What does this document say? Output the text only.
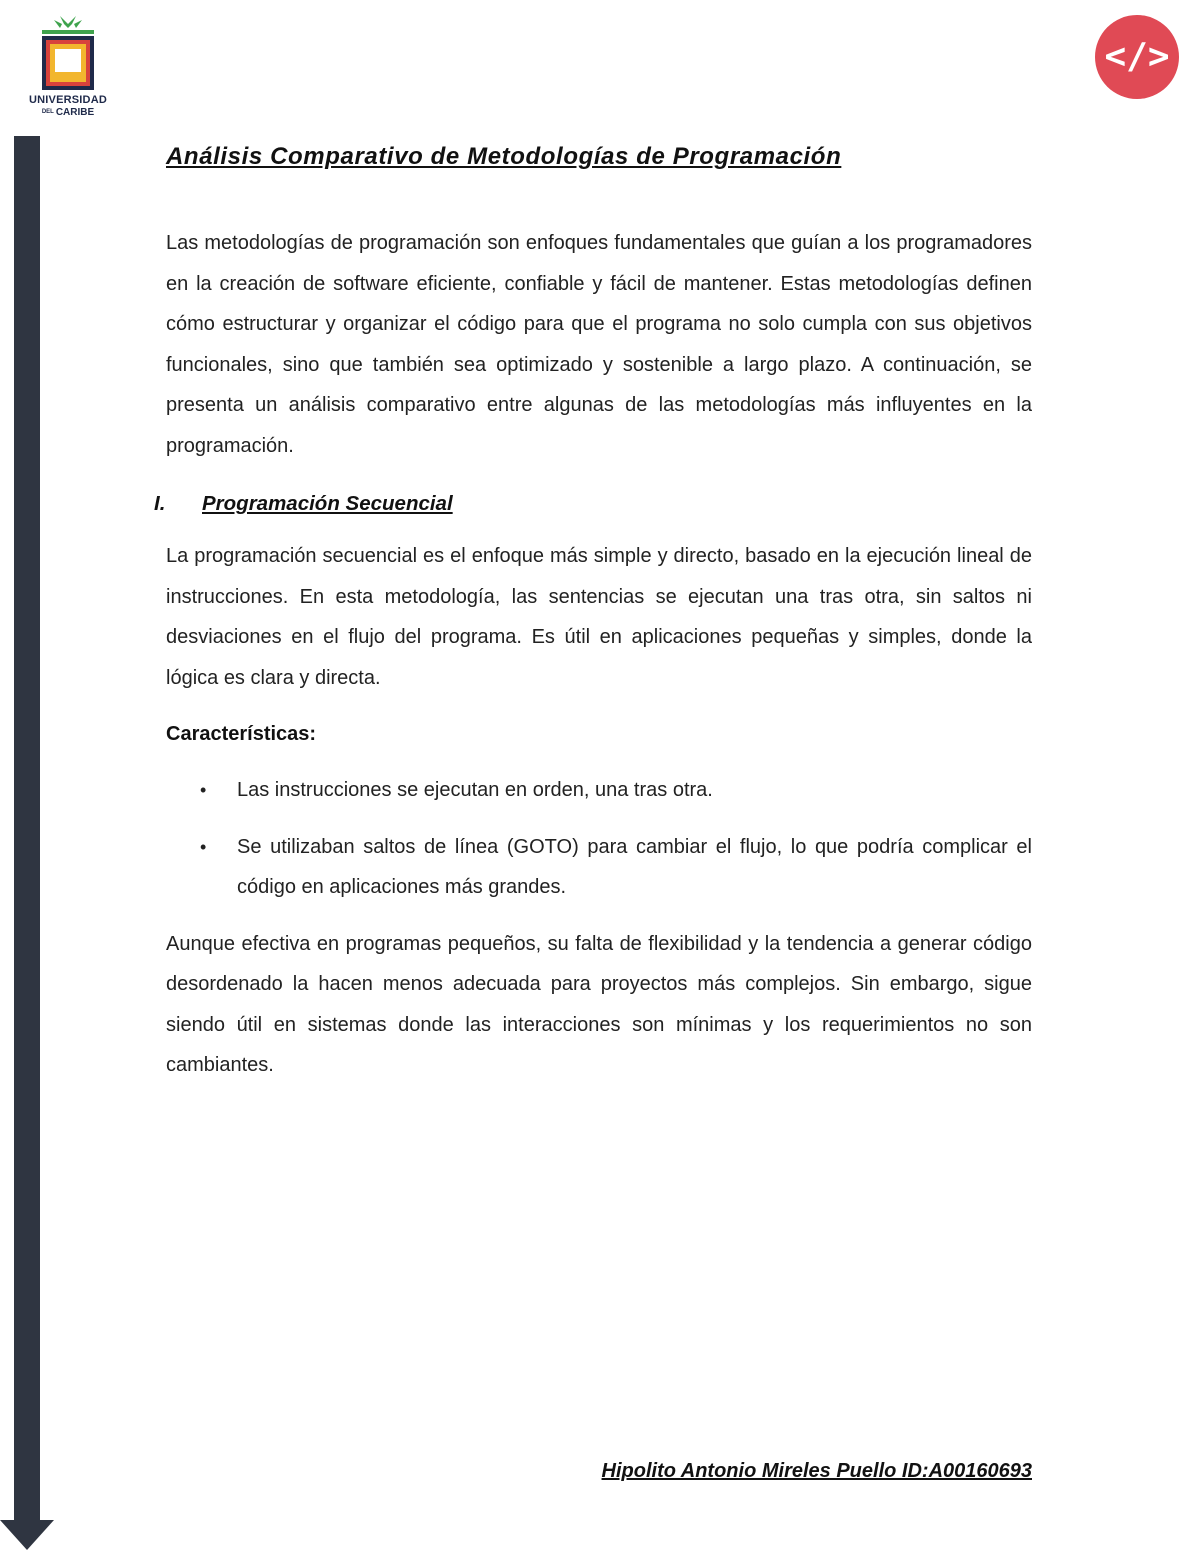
UNIVERSIDAD
DEL CARIBE
</>
Análisis Comparativo de Metodologías de Programación

Las metodologías de programación son enfoques fundamentales que guían a los programadores en la creación de software eficiente, confiable y fácil de mantener. Estas metodologías definen cómo estructurar y organizar el código para que el programa no solo cumpla con sus objetivos funcionales, sino que también sea optimizado y sostenible a largo plazo. A continuación, se presenta un análisis comparativo entre algunas de las metodologías más influyentes en la programación.

I. Programación Secuencial

La programación secuencial es el enfoque más simple y directo, basado en la ejecución lineal de instrucciones. En esta metodología, las sentencias se ejecutan una tras otra, sin saltos ni desviaciones en el flujo del programa. Es útil en aplicaciones pequeñas y simples, donde la lógica es clara y directa.

Características:
• Las instrucciones se ejecutan en orden, una tras otra.
• Se utilizaban saltos de línea (GOTO) para cambiar el flujo, lo que podría complicar el código en aplicaciones más grandes.

Aunque efectiva en programas pequeños, su falta de flexibilidad y la tendencia a generar código desordenado la hacen menos adecuada para proyectos más complejos. Sin embargo, sigue siendo útil en sistemas donde las interacciones son mínimas y los requerimientos no son cambiantes.

Hipolito Antonio Mireles Puello ID:A00160693
